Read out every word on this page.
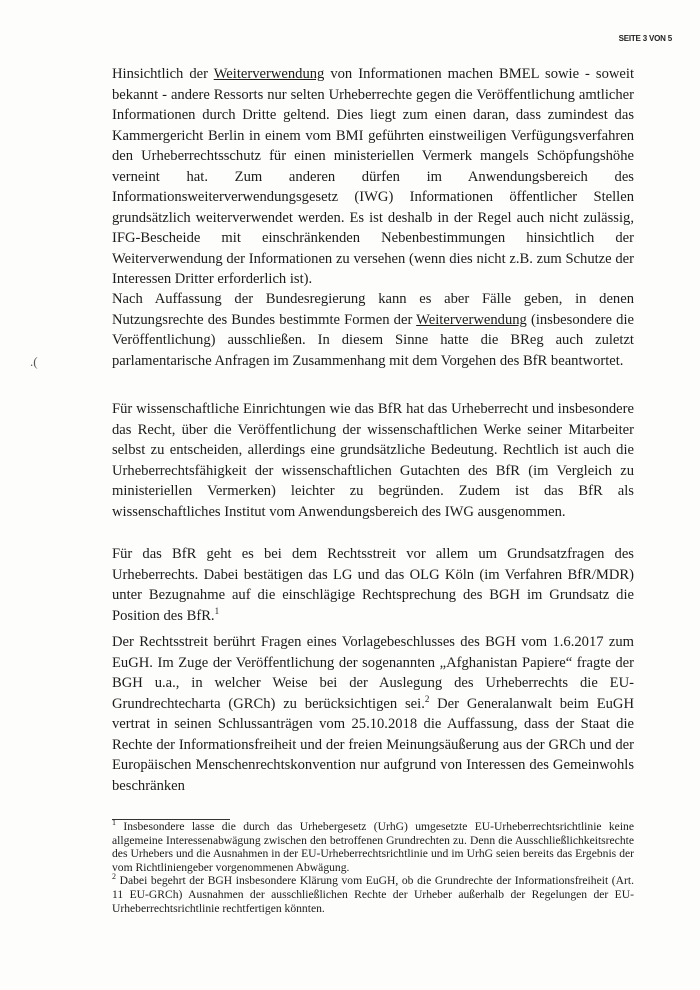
SEITE 3 VON 5
.(

Hinsichtlich der Weiterverwendung von Informationen machen BMEL sowie - soweit bekannt - andere Ressorts nur selten Urheberrechte gegen die Veröffentlichung amtlicher Informationen durch Dritte geltend. Dies liegt zum einen daran, dass zumindest das Kammergericht Berlin in einem vom BMI geführten einstweiligen Verfügungsverfahren den Urheberrechtsschutz für einen ministeriellen Vermerk mangels Schöpfungshöhe verneint hat. Zum anderen dürfen im Anwendungsbereich des Informationsweiterverwendungsgesetz (IWG) Informationen öffentlicher Stellen grundsätzlich weiterverwendet werden. Es ist deshalb in der Regel auch nicht zulässig, IFG-Bescheide mit einschränkenden Nebenbestimmungen hinsichtlich der Weiterverwendung der Informationen zu versehen (wenn dies nicht z.B. zum Schutze der Interessen Dritter erforderlich ist).

Nach Auffassung der Bundesregierung kann es aber Fälle geben, in denen Nutzungsrechte des Bundes bestimmte Formen der Weiterverwendung (insbesondere die Veröffentlichung) ausschließen. In diesem Sinne hatte die BReg auch zuletzt parlamentarische Anfragen im Zusammenhang mit dem Vorgehen des BfR beantwortet.

Für wissenschaftliche Einrichtungen wie das BfR hat das Urheberrecht und insbesondere das Recht, über die Veröffentlichung der wissenschaftlichen Werke seiner Mitarbeiter selbst zu entscheiden, allerdings eine grundsätzliche Bedeutung. Rechtlich ist auch die Urheberrechtsfähigkeit der wissenschaftlichen Gutachten des BfR (im Vergleich zu ministeriellen Vermerken) leichter zu begründen. Zudem ist das BfR als wissenschaftliches Institut vom Anwendungsbereich des IWG ausgenommen.

Für das BfR geht es bei dem Rechtsstreit vor allem um Grundsatzfragen des Urheberrechts. Dabei bestätigen das LG und das OLG Köln (im Verfahren BfR/MDR) unter Bezugnahme auf die einschlägige Rechtsprechung des BGH im Grundsatz die Position des BfR.$^1$

Der Rechtsstreit berührt Fragen eines Vorlagebeschlusses des BGH vom 1.6.2017 zum EuGH. Im Zuge der Veröffentlichung der sogenannten „Afghanistan Papiere“ fragte der BGH u.a., in welcher Weise bei der Auslegung des Urheberrechts die EU-Grundrechtecharta (GRCh) zu berücksichtigen sei.$^2$ Der Generalanwalt beim EuGH vertrat in seinen Schlussanträgen vom 25.10.2018 die Auffassung, dass der Staat die Rechte der Informationsfreiheit und der freien Meinungsäußerung aus der GRCh und der Europäischen Menschenrechtskonvention nur aufgrund von Interessen des Gemeinwohls beschränken

$^1$ Insbesondere lasse die durch das Urhebergesetz (UrhG) umgesetzte EU-Urheberrechtsrichtlinie keine allgemeine Interessenabwägung zwischen den betroffenen Grundrechten zu. Denn die Ausschließlichkeitsrechte des Urhebers und die Ausnahmen in der EU-Urheberrechtsrichtlinie und im UrhG seien bereits das Ergebnis der vom Richtliniengeber vorgenommenen Abwägung.

$^2$ Dabei begehrt der BGH insbesondere Klärung vom EuGH, ob die Grundrechte der Informationsfreiheit (Art. 11 EU-GRCh) Ausnahmen der ausschließlichen Rechte der Urheber außerhalb der Regelungen der EU-Urheberrechtsrichtlinie rechtfertigen könnten.
